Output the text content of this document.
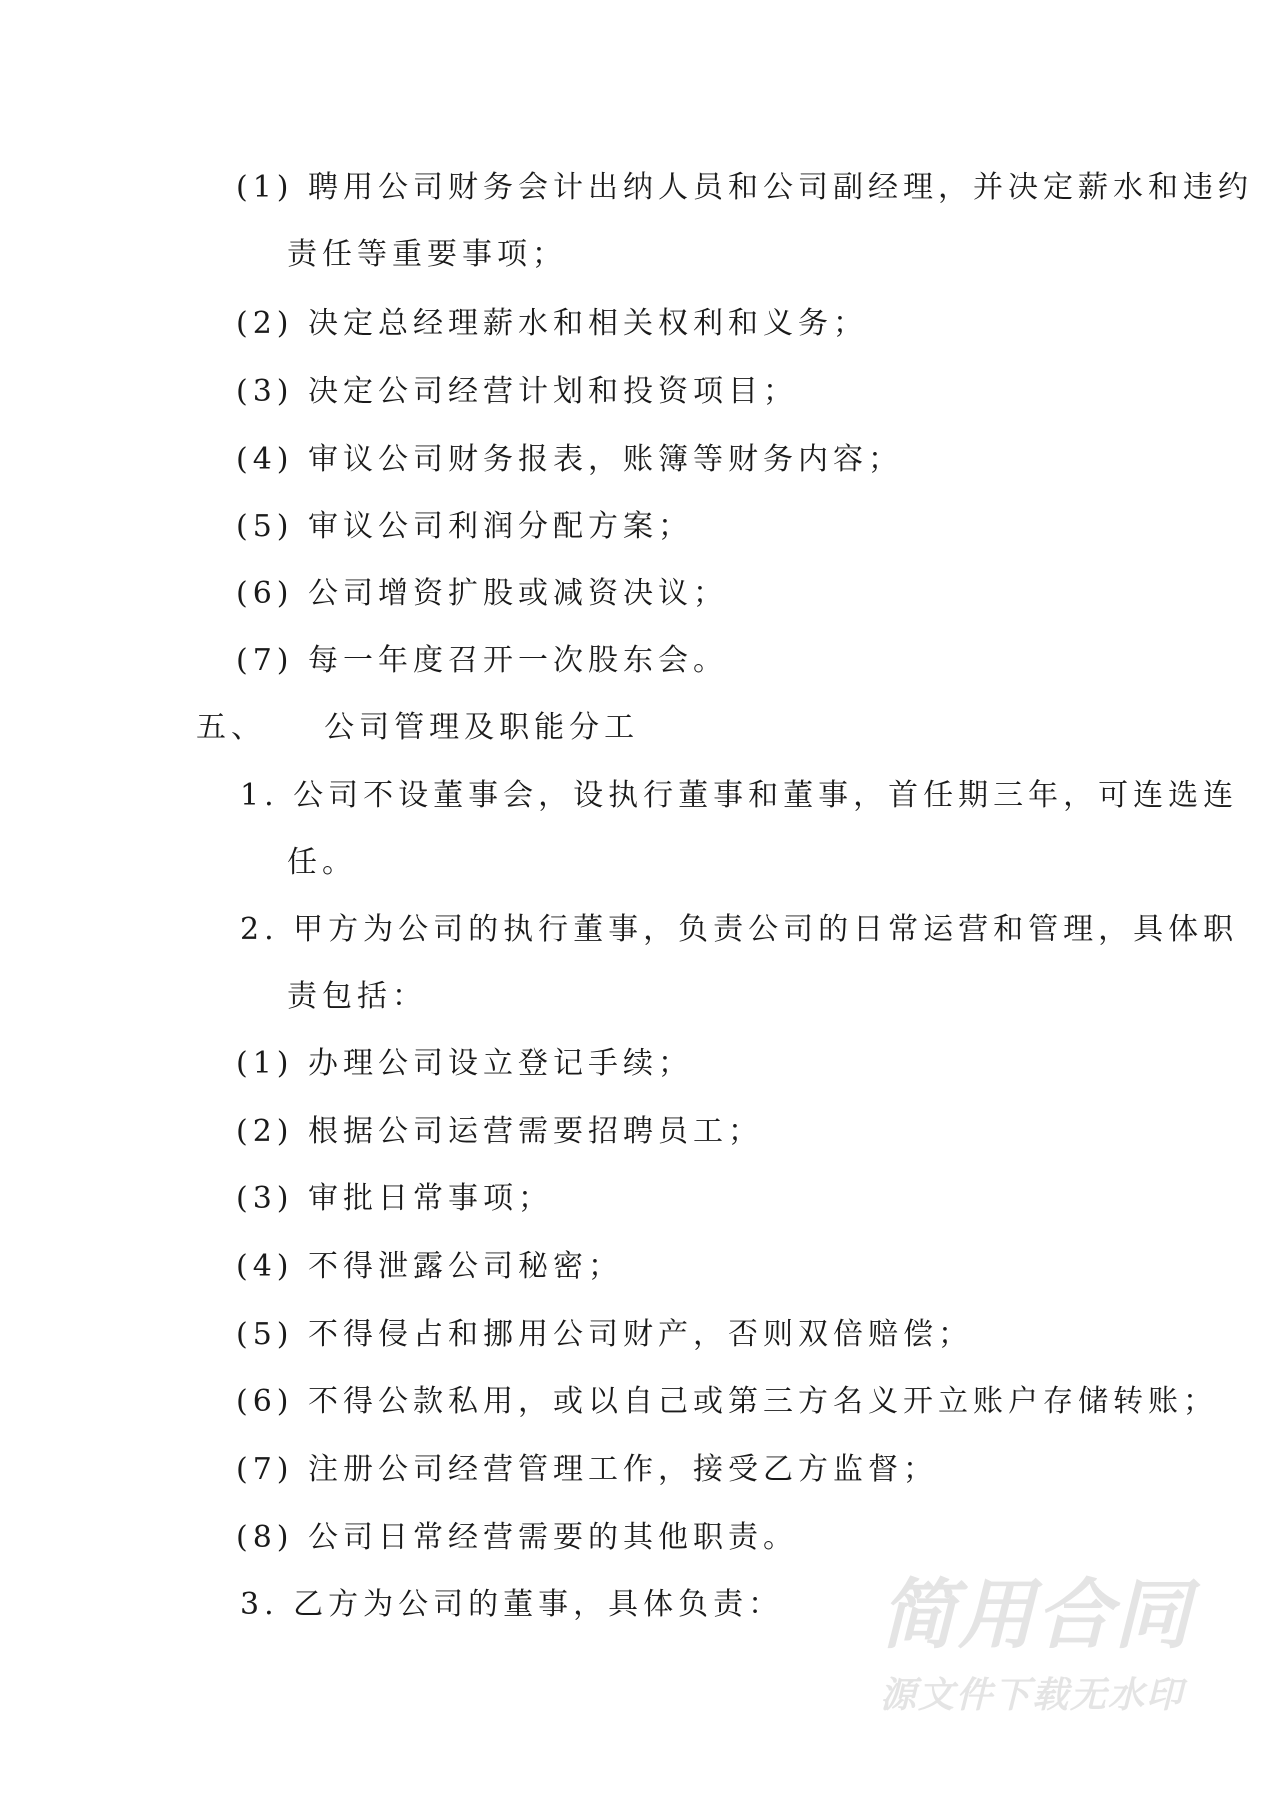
(1) 聘用公司财务会计出纳人员和公司副经理，并决定薪水和违约
责任等重要事项；
(2) 决定总经理薪水和相关权利和义务；
(3) 决定公司经营计划和投资项目；
(4) 审议公司财务报表，账簿等财务内容；
(5) 审议公司利润分配方案；
(6) 公司增资扩股或减资决议；
(7) 每一年度召开一次股东会。
五、    公司管理及职能分工
1. 公司不设董事会，设执行董事和董事，首任期三年，可连选连
任。
2. 甲方为公司的执行董事，负责公司的日常运营和管理，具体职
责包括：
(1) 办理公司设立登记手续；
(2) 根据公司运营需要招聘员工；
(3) 审批日常事项；
(4) 不得泄露公司秘密；
(5) 不得侵占和挪用公司财产，否则双倍赔偿；
(6) 不得公款私用，或以自己或第三方名义开立账户存储转账；
(7) 注册公司经营管理工作，接受乙方监督；
(8) 公司日常经营需要的其他职责。
3. 乙方为公司的董事，具体负责： 简用合同
源文件下载无水印
